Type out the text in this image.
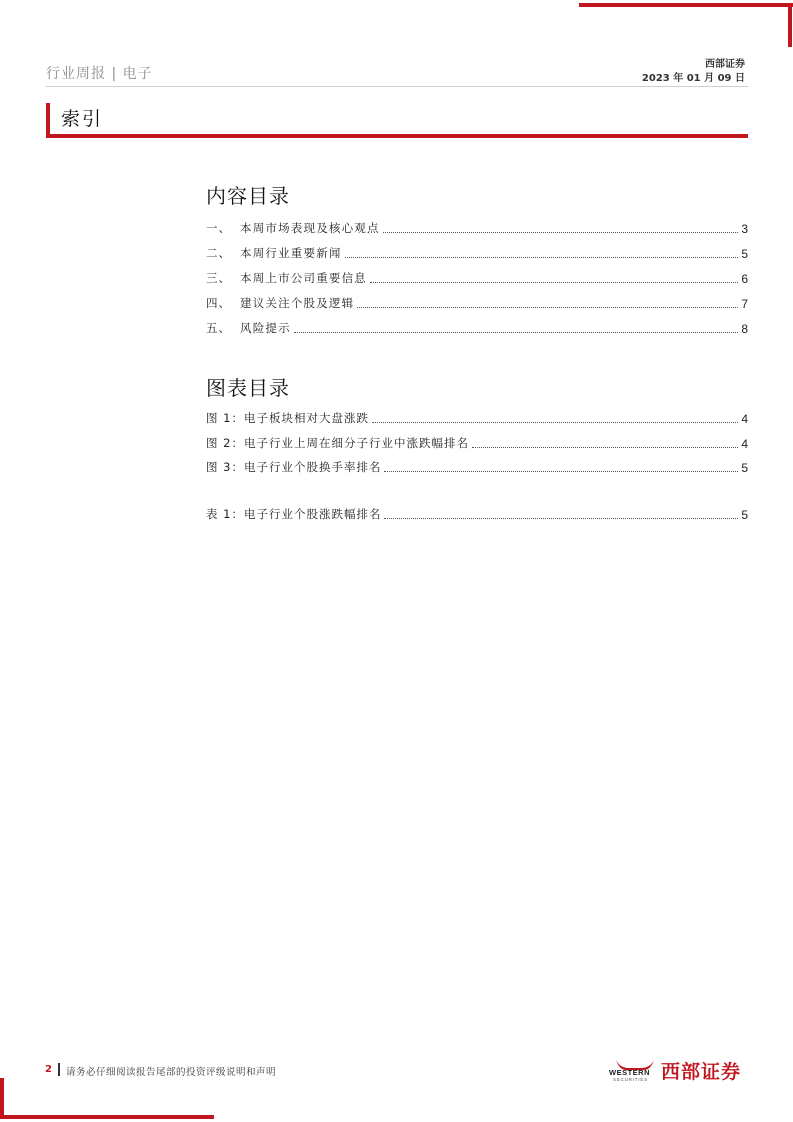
行业周报 | 电子
西部证券
2023 年 01 月 09 日
索引
内容目录
一、 本周市场表现及核心观点	3
二、 本周行业重要新闻	5
三、 本周上市公司重要信息	6
四、 建议关注个股及逻辑	7
五、 风险提示	8
图表目录
图 1：电子板块相对大盘涨跌	4
图 2：电子行业上周在细分子行业中涨跌幅排名	4
图 3：电子行业个股换手率排名	5
表 1：电子行业个股涨跌幅排名	5
2 请务必仔细阅读报告尾部的投资评级说明和声明	WESTERN
SECURITIES 西部证券
